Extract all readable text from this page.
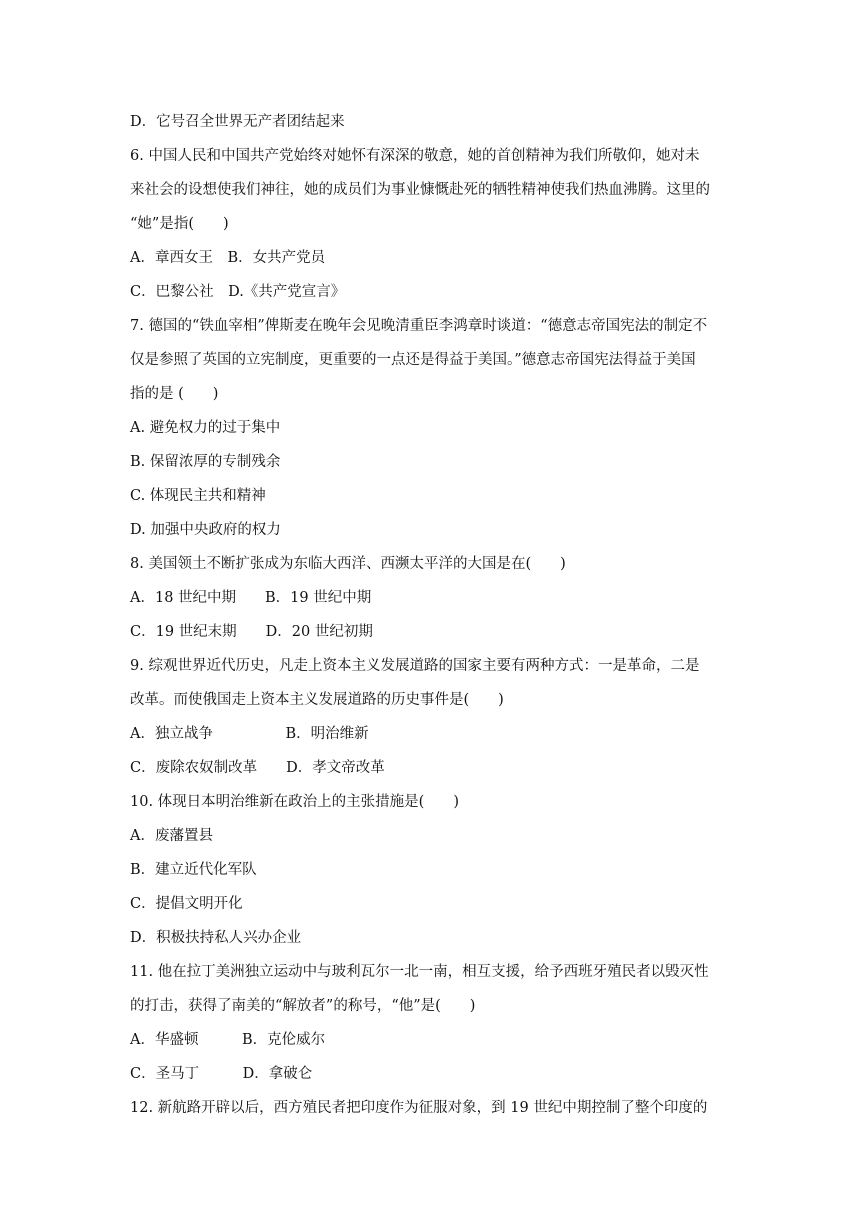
D．它号召全世界无产者团结起来

6. 中国人民和中国共产党始终对她怀有深深的敬意，她的首创精神为我们所敬仰，她对未

来社会的设想使我们神往，她的成员们为事业慷慨赴死的牺牲精神使我们热血沸腾。这里的

“她”是指(　　)

A．章西女王　B．女共产党员

C．巴黎公社　D.《共产党宣言》

7. 德国的“铁血宰相”俾斯麦在晚年会见晚清重臣李鸿章时谈道：“德意志帝国宪法的制定不

仅是参照了英国的立宪制度，更重要的一点还是得益于美国。”德意志帝国宪法得益于美国

指的是 (　　)

A. 避免权力的过于集中

B. 保留浓厚的专制残余

C. 体现民主共和精神

D. 加强中央政府的权力

8. 美国领土不断扩张成为东临大西洋、西濒太平洋的大国是在(　　)

A．18 世纪中期　　B．19 世纪中期

C．19 世纪末期　　D．20 世纪初期

9. 综观世界近代历史，凡走上资本主义发展道路的国家主要有两种方式：一是革命，二是

改革。而使俄国走上资本主义发展道路的历史事件是(　　)

A．独立战争　　　　　B．明治维新

C．废除农奴制改革　　D．孝文帝改革

10. 体现日本明治维新在政治上的主张措施是(　　)

A．废藩置县

B．建立近代化军队

C．提倡文明开化

D．积极扶持私人兴办企业

11. 他在拉丁美洲独立运动中与玻利瓦尔一北一南，相互支援，给予西班牙殖民者以毁灭性

的打击，获得了南美的“解放者”的称号，“他”是(　　)

A．华盛顿　　　B．克伦威尔

C．圣马丁　　　D．拿破仑

12. 新航路开辟以后，西方殖民者把印度作为征服对象，到 19 世纪中期控制了整个印度的
